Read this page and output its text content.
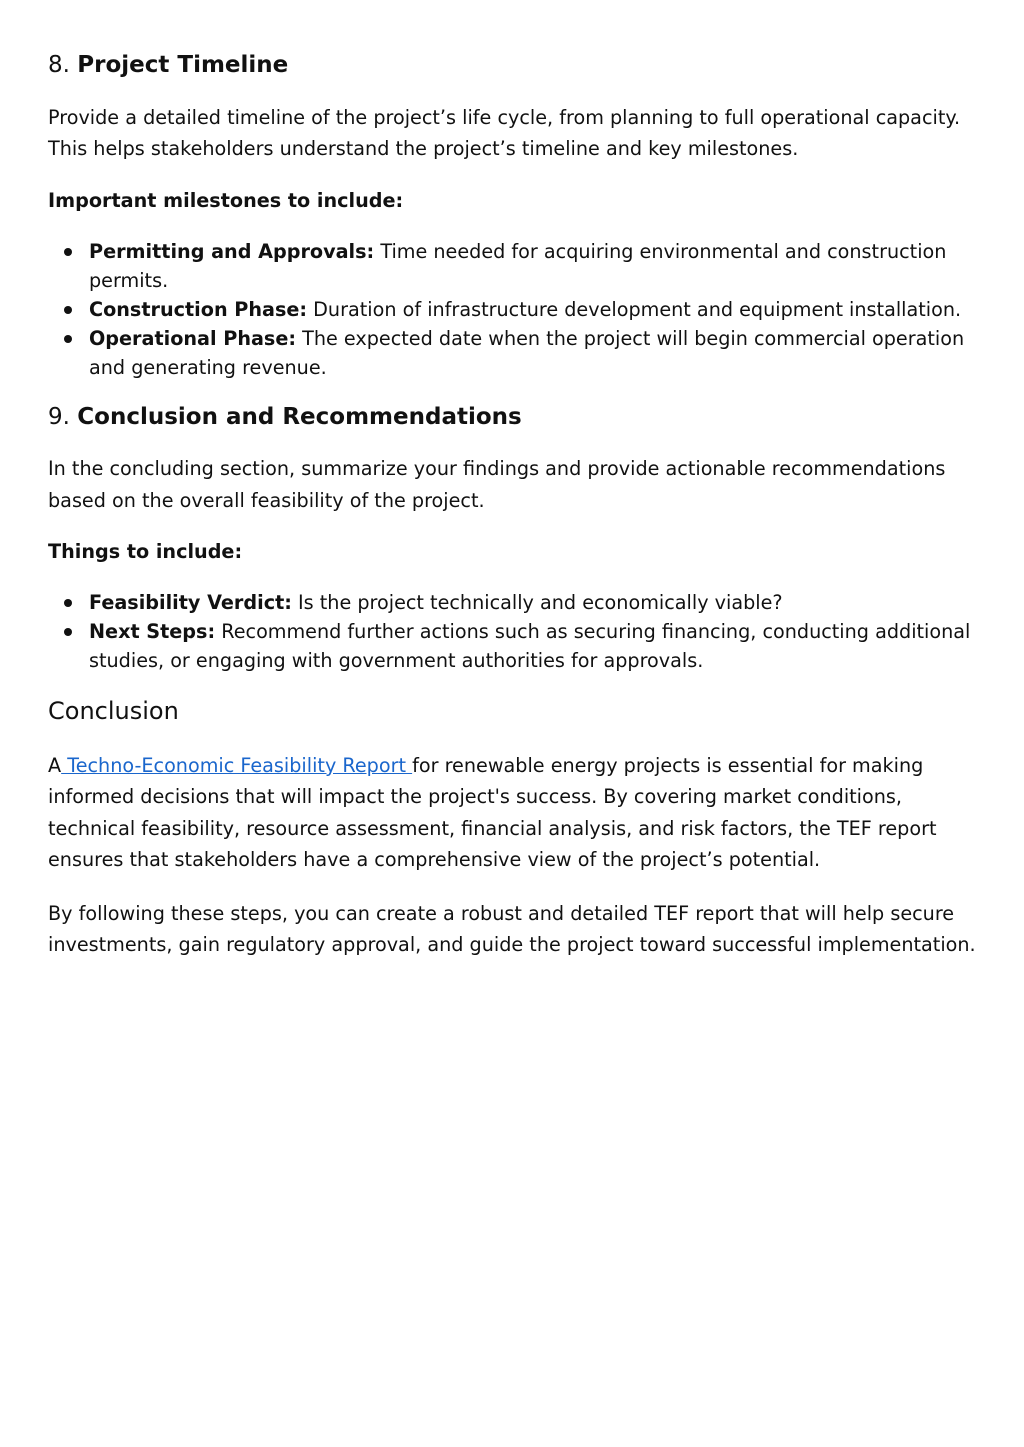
8. Project Timeline

Provide a detailed timeline of the project’s life cycle, from planning to full operational capacity. This helps stakeholders understand the project’s timeline and key milestones.

Important milestones to include:

Permitting and Approvals: Time needed for acquiring environmental and construction permits.
Construction Phase: Duration of infrastructure development and equipment installation.
Operational Phase: The expected date when the project will begin commercial operation and generating revenue.
9. Conclusion and Recommendations

In the concluding section, summarize your findings and provide actionable recommendations based on the overall feasibility of the project.

Things to include:

Feasibility Verdict: Is the project technically and economically viable?
Next Steps: Recommend further actions such as securing financing, conducting additional studies, or engaging with government authorities for approvals.
Conclusion

A Techno-Economic Feasibility Report for renewable energy projects is essential for making informed decisions that will impact the project's success. By covering market conditions, technical feasibility, resource assessment, financial analysis, and risk factors, the TEF report ensures that stakeholders have a comprehensive view of the project’s potential.

By following these steps, you can create a robust and detailed TEF report that will help secure investments, gain regulatory approval, and guide the project toward successful implementation.
